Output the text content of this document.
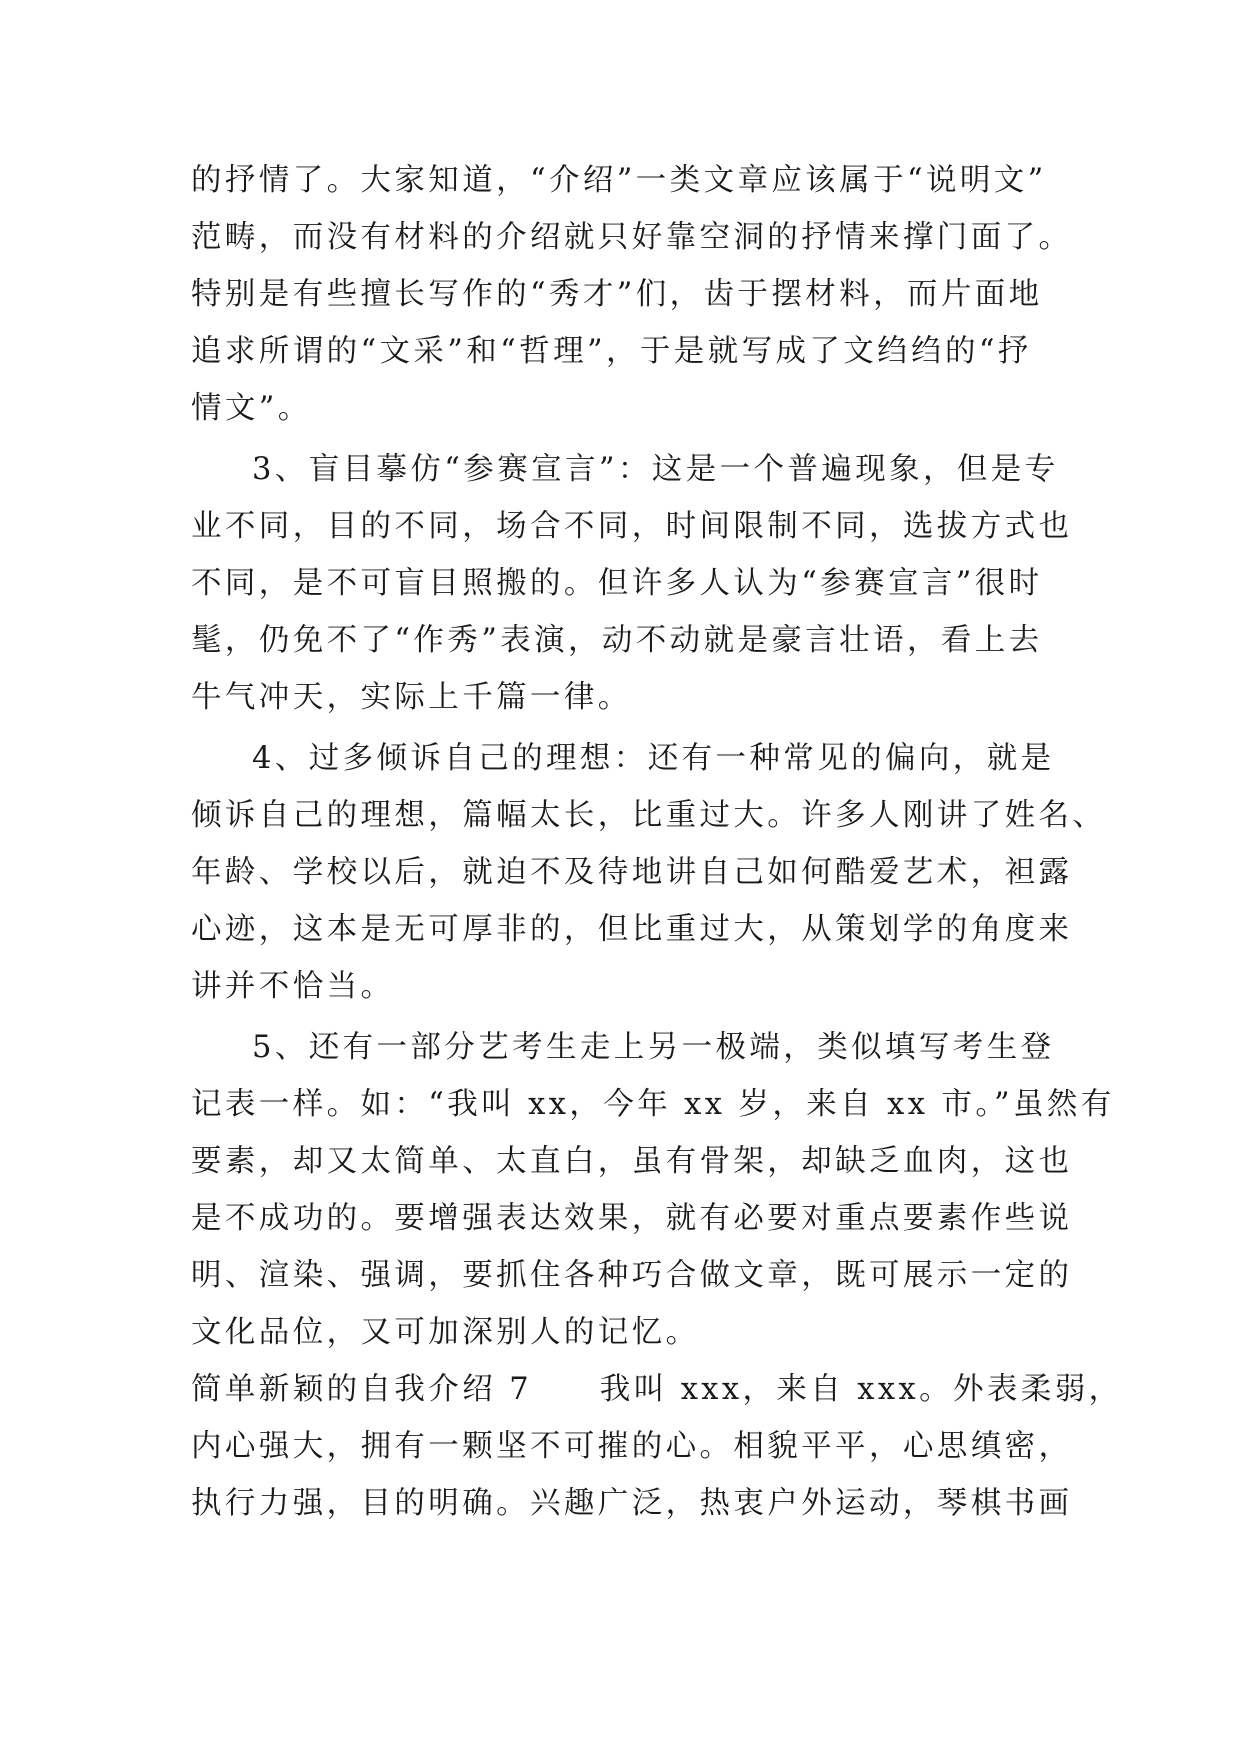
的抒情了。大家知道，“介绍”一类文章应该属于“说明文”
范畴，而没有材料的介绍就只好靠空洞的抒情来撑门面了。
特别是有些擅长写作的“秀才”们，齿于摆材料，而片面地
追求所谓的“文采”和“哲理”，于是就写成了文绉绉的“抒
情文”。
3、盲目摹仿“参赛宣言”：这是一个普遍现象，但是专
业不同，目的不同，场合不同，时间限制不同，选拔方式也
不同，是不可盲目照搬的。但许多人认为“参赛宣言”很时
髦，仍免不了“作秀”表演，动不动就是豪言壮语，看上去
牛气冲天，实际上千篇一律。
4、过多倾诉自己的理想：还有一种常见的偏向，就是
倾诉自己的理想，篇幅太长，比重过大。许多人刚讲了姓名、
年龄、学校以后，就迫不及待地讲自己如何酷爱艺术，袒露
心迹，这本是无可厚非的，但比重过大，从策划学的角度来
讲并不恰当。
5、还有一部分艺考生走上另一极端，类似填写考生登
记表一样。如：“我叫 xx，今年 xx 岁，来自 xx 市。”虽然有
要素，却又太简单、太直白，虽有骨架，却缺乏血肉，这也
是不成功的。要增强表达效果，就有必要对重点要素作些说
明、渲染、强调，要抓住各种巧合做文章，既可展示一定的
文化品位，又可加深别人的记忆。
简单新颖的自我介绍 7　　我叫 xxx，来自 xxx。外表柔弱，
内心强大，拥有一颗坚不可摧的心。相貌平平，心思缜密，
执行力强，目的明确。兴趣广泛，热衷户外运动，琴棋书画
